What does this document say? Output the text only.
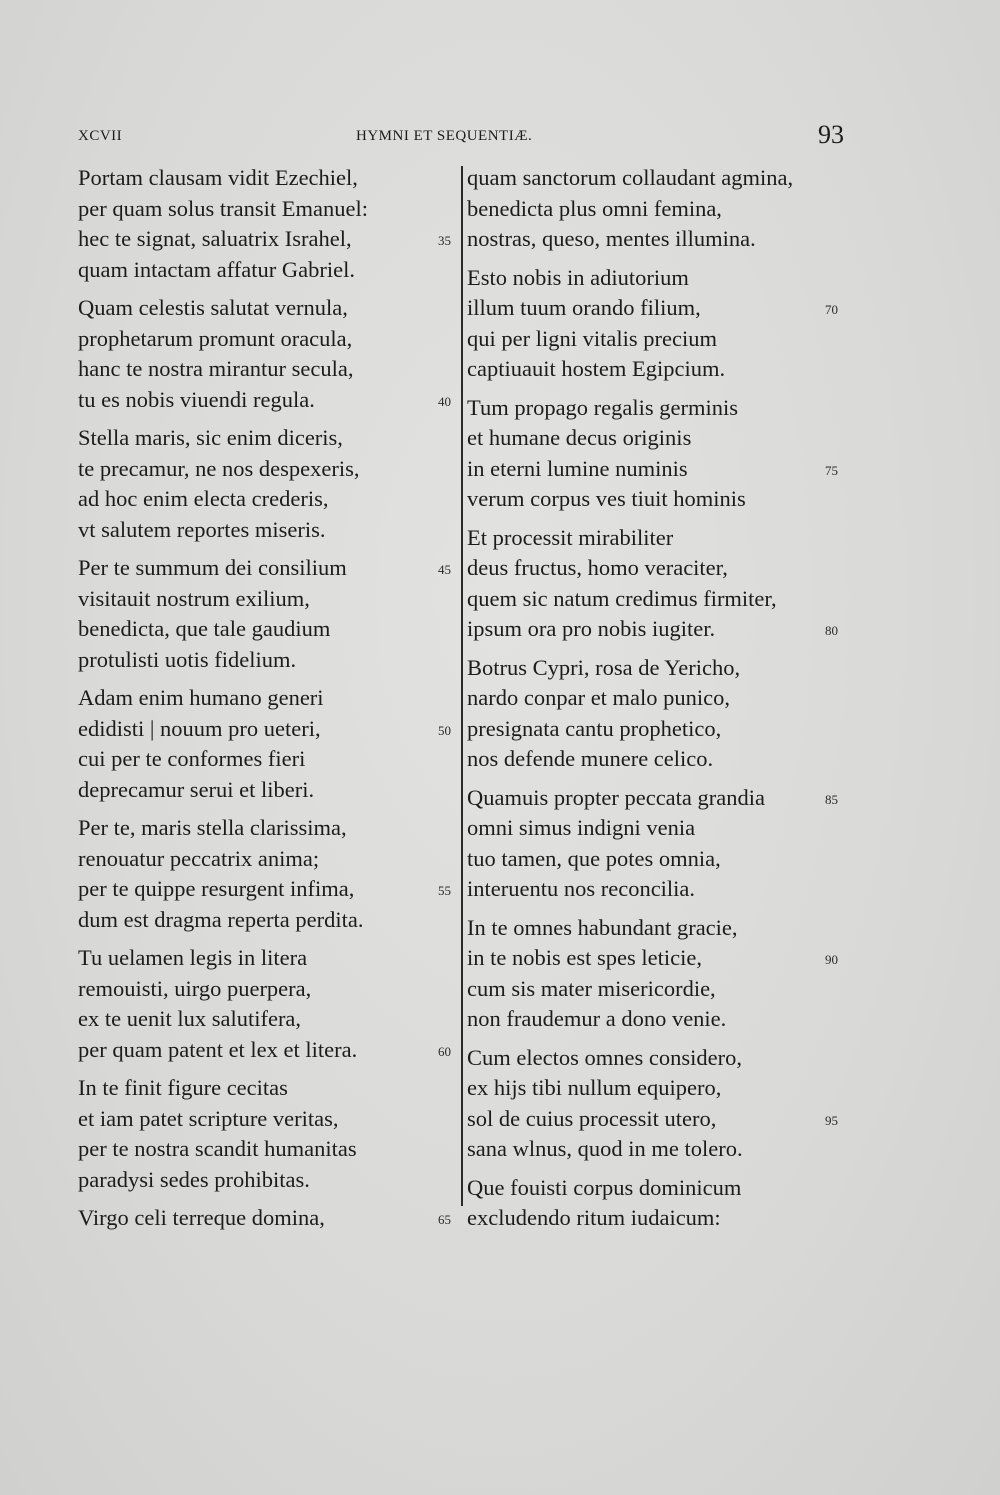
XCVII	HYMNI ET SEQUENTIÆ.	93
Portam clausam vidit Ezechiel,
per quam solus transit Emanuel:
hec te signat, saluatrix Israhel,	35
quam intactam affatur Gabriel.
Quam celestis salutat vernula,
prophetarum promunt oracula,
hanc te nostra mirantur secula,
tu es nobis viuendi regula.	40
Stella maris, sic enim diceris,
te precamur, ne nos despexeris,
ad hoc enim electa crederis,
vt salutem reportes miseris.
Per te summum dei consilium	45
visitauit nostrum exilium,
benedicta, que tale gaudium
protulisti uotis fidelium.
Adam enim humano generi
edidisti | nouum pro ueteri,	50
cui per te conformes fieri
deprecamur serui et liberi.
Per te, maris stella clarissima,
renouatur peccatrix anima;
per te quippe resurgent infima,	55
dum est dragma reperta perdita.
Tu uelamen legis in litera
remouisti, uirgo puerpera,
ex te uenit lux salutifera,
per quam patent et lex et litera.	60
In te finit figure cecitas
et iam patet scripture veritas,
per te nostra scandit humanitas
paradysi sedes prohibitas.
Virgo celi terreque domina,	65
quam sanctorum collaudant agmina,
benedicta plus omni femina,
nostras, queso, mentes illumina.
Esto nobis in adiutorium
illum tuum orando filium,	70
qui per ligni vitalis precium
captiuauit hostem Egipcium.
Tum propago regalis germinis
et humane decus originis
in eterni lumine numinis	75
verum corpus ves tiuit hominis
Et processit mirabiliter
deus fructus, homo veraciter,
quem sic natum credimus firmiter,
ipsum ora pro nobis iugiter.	80
Botrus Cypri, rosa de Yericho,
nardo conpar et malo punico,
presignata cantu prophetico,
nos defende munere celico.
Quamuis propter peccata grandia	85
omni simus indigni venia
tuo tamen, que potes omnia,
interuentu nos reconcilia.
In te omnes habundant gracie,
in te nobis est spes leticie,	90
cum sis mater misericordie,
non fraudemur a dono venie.
Cum electos omnes considero,
ex hijs tibi nullum equipero,
sol de cuius processit utero,	95
sana wlnus, quod in me tolero.
Que fouisti corpus dominicum
excludendo ritum iudaicum:
